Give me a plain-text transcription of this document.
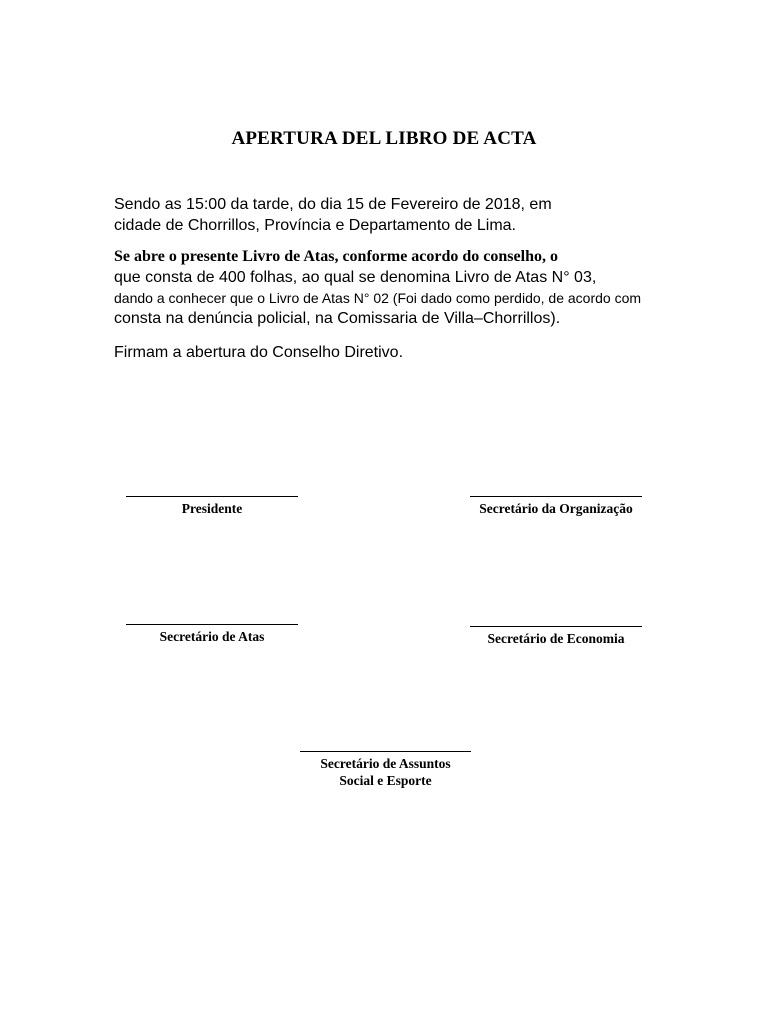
APERTURA DEL LIBRO DE ACTA
Sendo as 15:00 da tarde, do dia 15 de Fevereiro de 2018, em
cidade de Chorrillos, Província e Departamento de Lima.
Se abre o presente Livro de Atas, conforme acordo do conselho, o
que consta de 400 folhas, ao qual se denomina Livro de Atas N° 03,
dando a conhecer que o Livro de Atas N° 02 (Foi dado como perdido, de acordo com
consta na denúncia policial, na Comissaria de Villa–Chorrillos).
Firmam a abertura do Conselho Diretivo.
Presidente	Secretário da Organização
Secretário de Atas	Secretário de Economia
Secretário de Assuntos
Social e Esporte
